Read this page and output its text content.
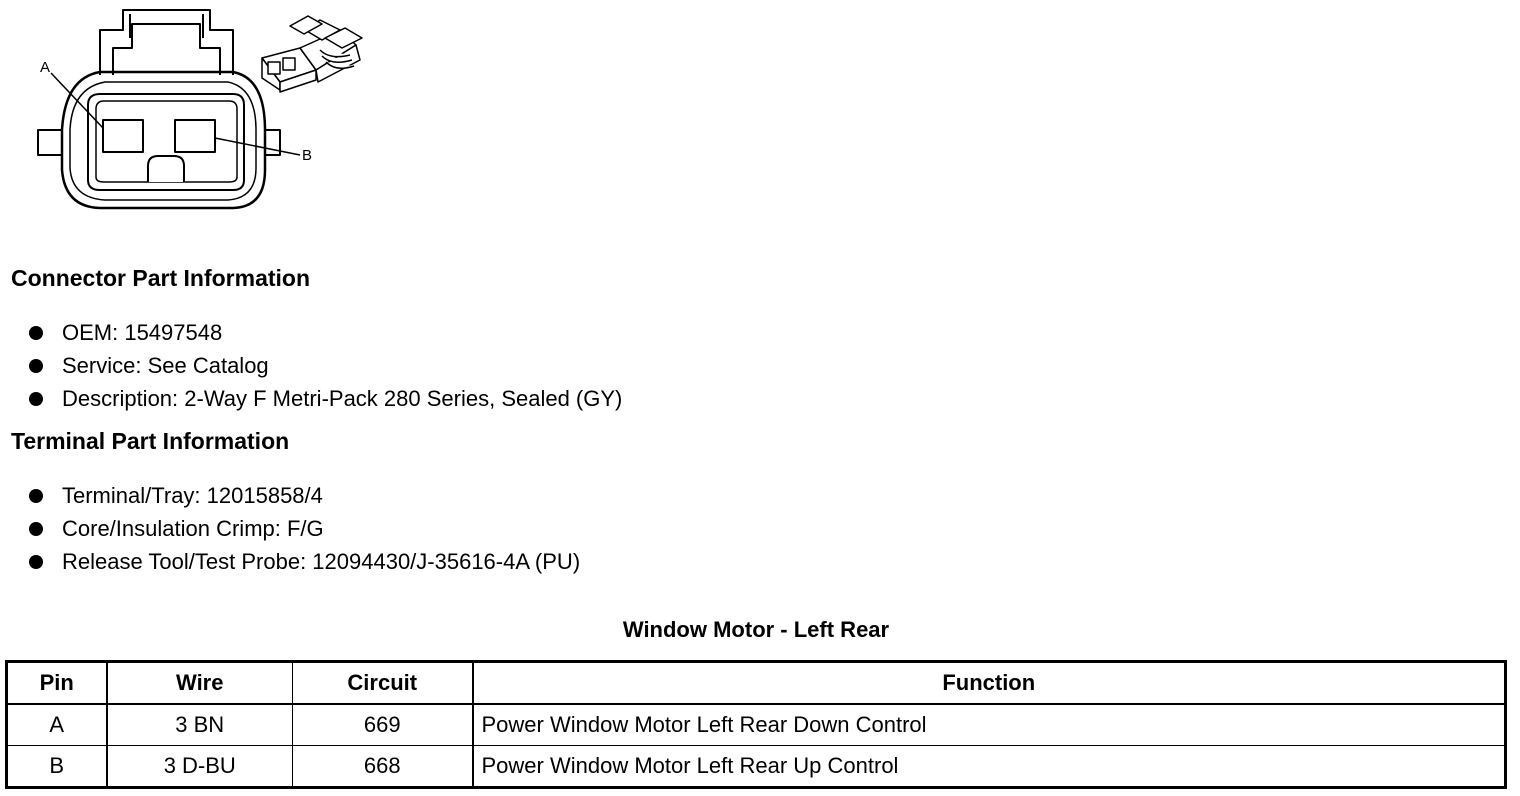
A
B
Connector Part Information
OEM: 15497548
Service: See Catalog
Description: 2-Way F Metri-Pack 280 Series, Sealed (GY)
Terminal Part Information
Terminal/Tray: 12015858/4
Core/Insulation Crimp: F/G
Release Tool/Test Probe: 12094430/J-35616-4A (PU)
Window Motor - Left Rear
Pin	Wire	Circuit	Function
A	3 BN	669	Power Window Motor Left Rear Down Control
B	3 D-BU	668	Power Window Motor Left Rear Up Control
